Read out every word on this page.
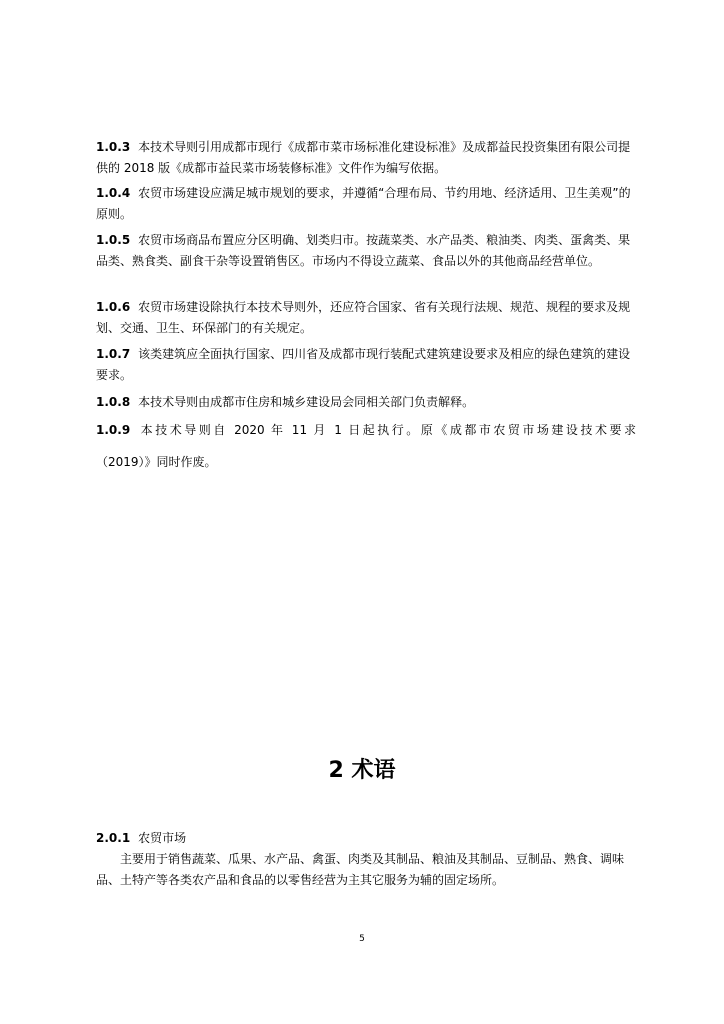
1.0.3 本技术导则引用成都市现行《成都市菜市场标准化建设标准》及成都益民投资集团有限公司提供的 2018 版《成都市益民菜市场装修标准》文件作为编写依据。

1.0.4 农贸市场建设应满足城市规划的要求，并遵循“合理布局、节约用地、经济适用、卫生美观”的原则。

1.0.5 农贸市场商品布置应分区明确、划类归市。按蔬菜类、水产品类、粮油类、肉类、蛋禽类、果品类、熟食类、副食干杂等设置销售区。市场内不得设立蔬菜、食品以外的其他商品经营单位。

1.0.6 农贸市场建设除执行本技术导则外，还应符合国家、省有关现行法规、规范、规程的要求及规划、交通、卫生、环保部门的有关规定。

1.0.7 该类建筑应全面执行国家、四川省及成都市现行装配式建筑建设要求及相应的绿色建筑的建设要求。

1.0.8 本技术导则由成都市住房和城乡建设局会同相关部门负责解释。

1.0.9 本技术导则自 2020 年 11 月 1 日起执行。原《成都市农贸市场建设技术要求
（2019）》同时作废。
2 术语

2.0.1 农贸市场

主要用于销售蔬菜、瓜果、水产品、禽蛋、肉类及其制品、粮油及其制品、豆制品、熟食、调味品、土特产等各类农产品和食品的以零售经营为主其它服务为辅的固定场所。

5
